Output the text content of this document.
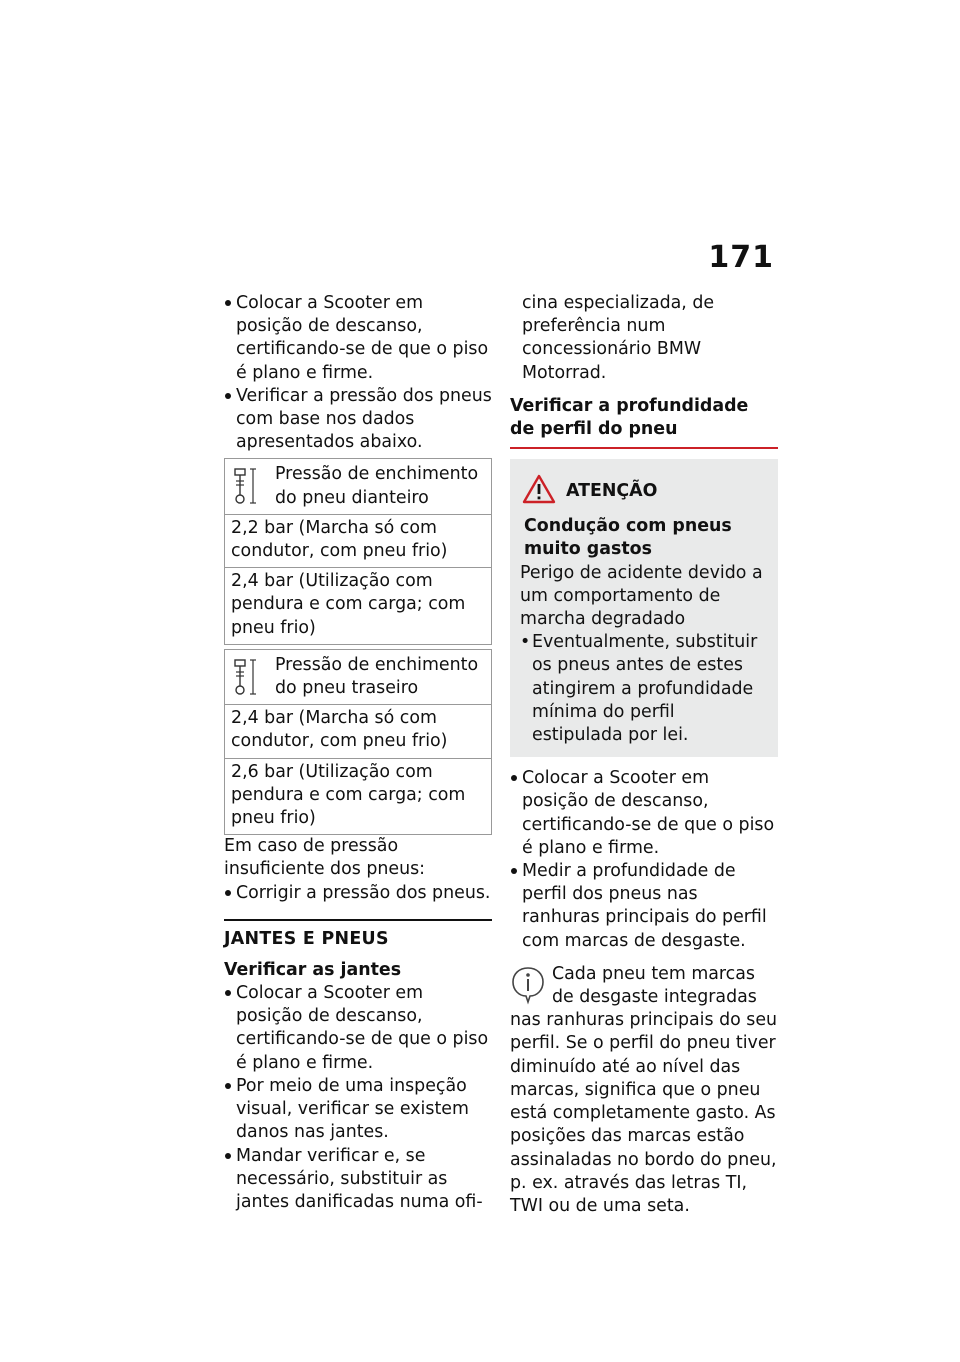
171
Colocar a Scooter em posição de descanso, certificando-se de que o piso é plano e firme.
Verificar a pressão dos pneus com base nos dados apresentados abaixo.
Pressão de enchimento do pneu dianteiro
2,2 bar (Marcha só com condutor, com pneu frio)
2,4 bar (Utilização com pendura e com carga; com pneu frio)
Pressão de enchimento do pneu traseiro
2,4 bar (Marcha só com condutor, com pneu frio)
2,6 bar (Utilização com pendura e com carga; com pneu frio)
Em caso de pressão insuficiente dos pneus:
Corrigir a pressão dos pneus.
JANTES E PNEUS
Verificar as jantes
Colocar a Scooter em posição de descanso, certificando-se de que o piso é plano e firme.
Por meio de uma inspeção visual, verificar se existem danos nas jantes.
Mandar verificar e, se necessário, substituir as jantes danificadas numa ofi-
cina especializada, de preferência num concessionário BMW Motorrad.
Verificar a profundidade de perfil do pneu
ATENÇÃO
Condução com pneus muito gastos
Perigo de acidente devido a um comportamento de marcha degradado
• Eventualmente, substituir os pneus antes de estes atingirem a profundidade mínima do perfil estipulada por lei.
Colocar a Scooter em posição de descanso, certificando-se de que o piso é plano e firme.
Medir a profundidade de perfil dos pneus nas ranhuras principais do perfil com marcas de desgaste.
Cada pneu tem marcas de desgaste integradas
nas ranhuras principais do seu perfil. Se o perfil do pneu tiver diminuído até ao nível das marcas, significa que o pneu está completamente gasto. As posições das marcas estão assinaladas no bordo do pneu, p. ex. através das letras TI, TWI ou de uma seta.
